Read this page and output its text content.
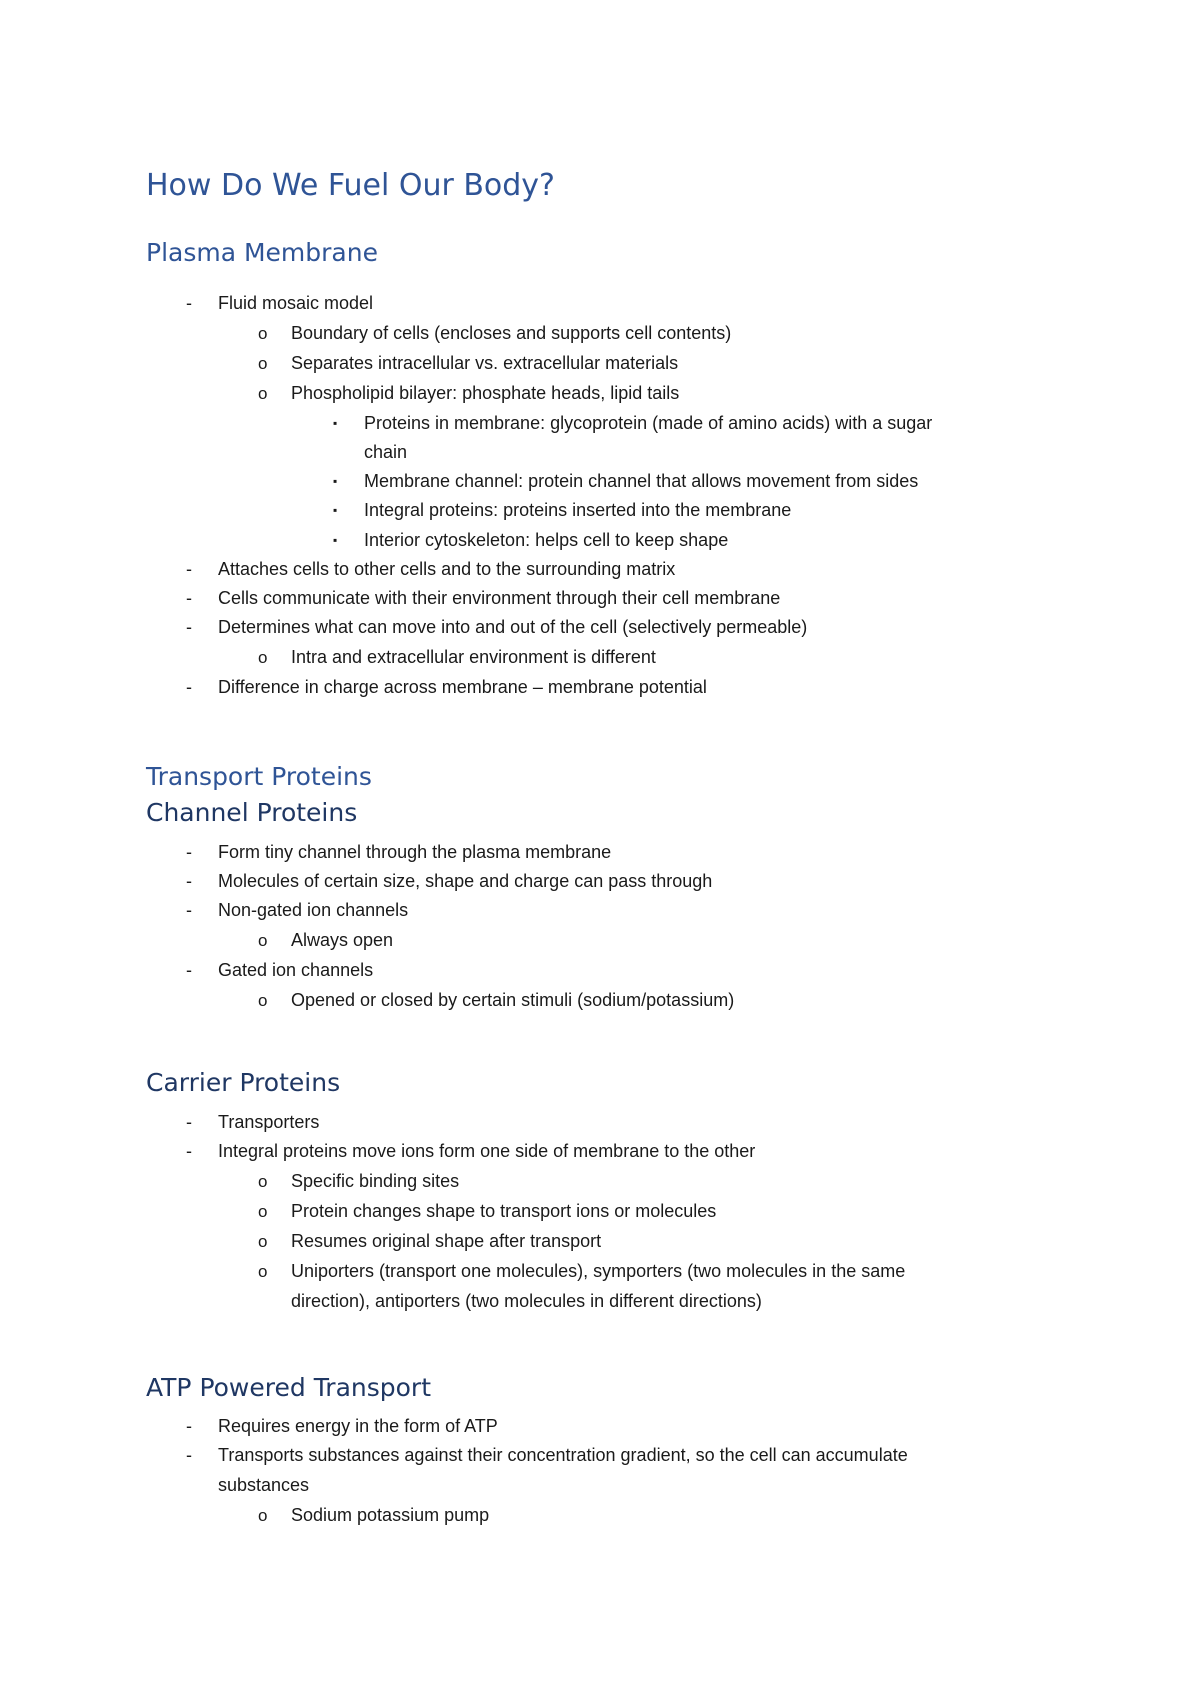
How Do We Fuel Our Body?
Plasma Membrane
-	Fluid mosaic model
o	Boundary of cells (encloses and supports cell contents)
o	Separates intracellular vs. extracellular materials
o	Phospholipid bilayer: phosphate heads, lipid tails
▪	Proteins in membrane: glycoprotein (made of amino acids) with a sugar
chain
▪	Membrane channel: protein channel that allows movement from sides
▪	Integral proteins: proteins inserted into the membrane
▪	Interior cytoskeleton: helps cell to keep shape
-	Attaches cells to other cells and to the surrounding matrix
-	Cells communicate with their environment through their cell membrane
-	Determines what can move into and out of the cell (selectively permeable)
o	Intra and extracellular environment is different
-	Difference in charge across membrane – membrane potential
Transport Proteins
Channel Proteins
-	Form tiny channel through the plasma membrane
-	Molecules of certain size, shape and charge can pass through
-	Non-gated ion channels
o	Always open
-	Gated ion channels
o	Opened or closed by certain stimuli (sodium/potassium)
Carrier Proteins
-	Transporters
-	Integral proteins move ions form one side of membrane to the other
o	Specific binding sites
o	Protein changes shape to transport ions or molecules
o	Resumes original shape after transport
o	Uniporters (transport one molecules), symporters (two molecules in the same
direction), antiporters (two molecules in different directions)
ATP Powered Transport
-	Requires energy in the form of ATP
-	Transports substances against their concentration gradient, so the cell can accumulate
substances
o	Sodium potassium pump
